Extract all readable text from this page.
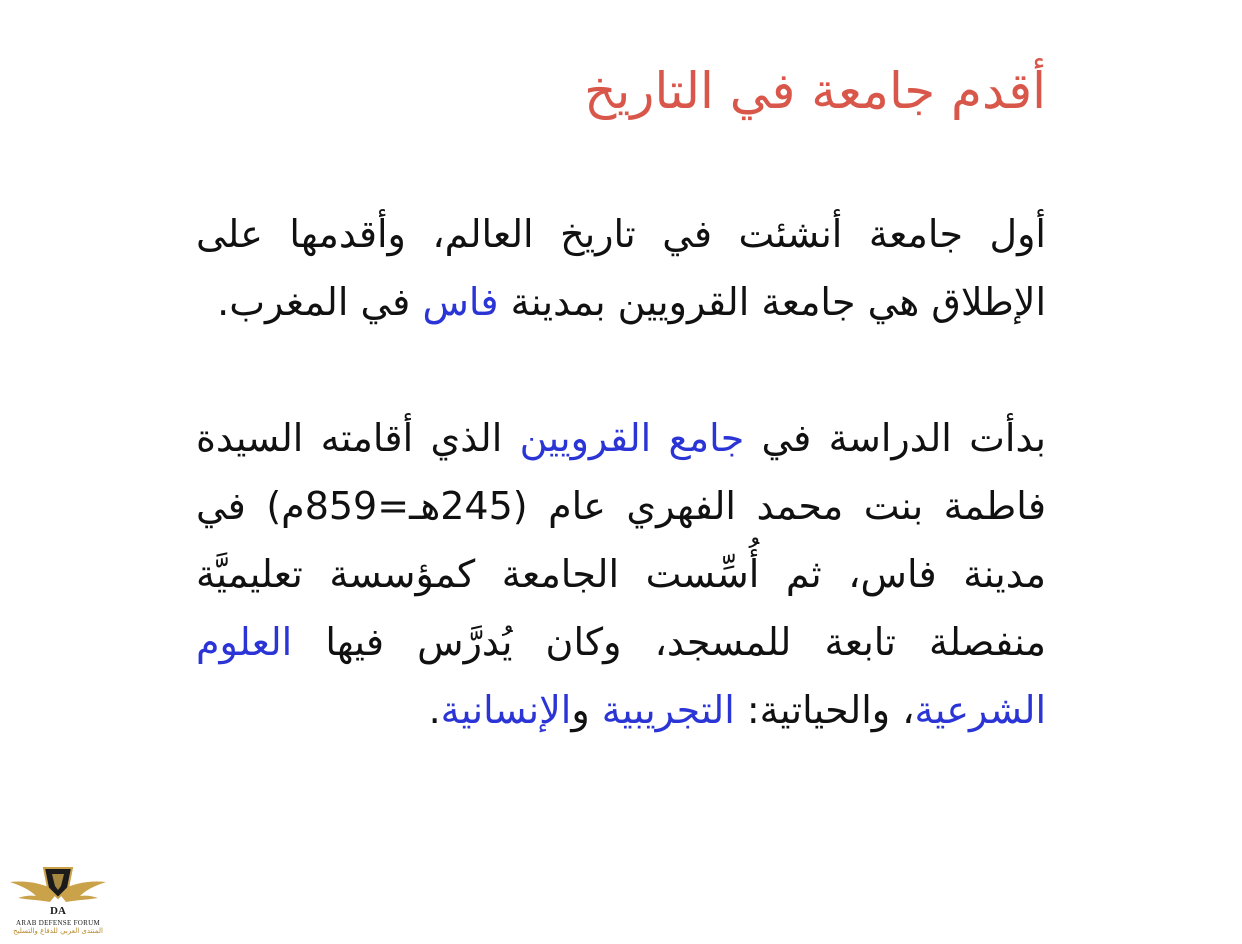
أقدم جامعة في التاريخ

أول جامعة أنشئت في تاريخ العالم، وأقدمها على الإطلاق هي جامعة القرويين بمدينة فاس في المغرب.

بدأت الدراسة في جامع القرويين الذي أقامته السيدة فاطمة بنت محمد الفهري عام (245هـ=859م) في مدينة فاس، ثم أُسِّست الجامعة كمؤسسة تعليميَّة منفصلة تابعة للمسجد، وكان يُدرَّس فيها العلوم الشرعية، والحياتية: التجريبية والإنسانية.

DA
ARAB DEFENSE FORUM
المنتدى العربي للدفاع والتسليح
